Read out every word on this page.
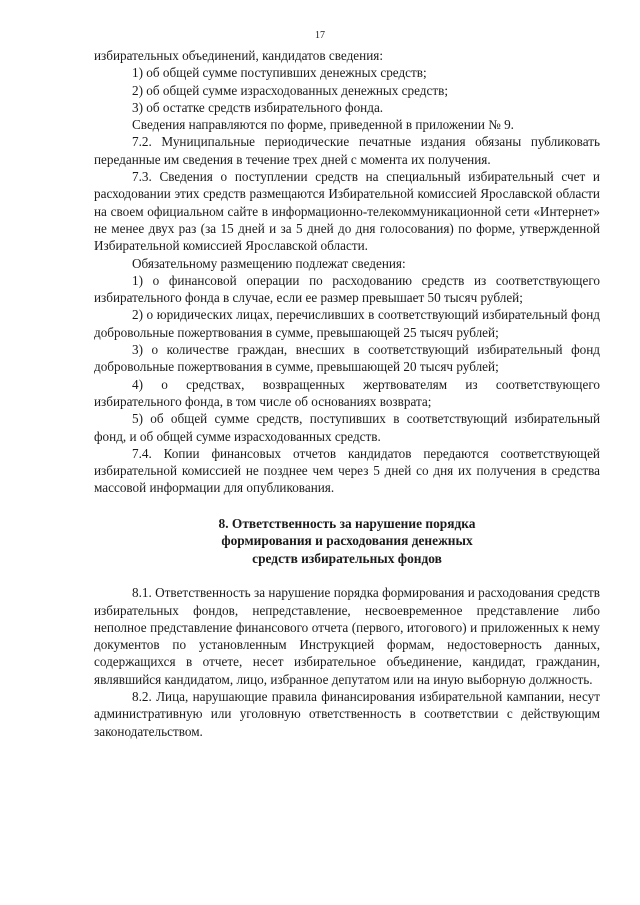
17

избирательных объединений, кандидатов сведения:

1) об общей сумме поступивших денежных средств;

2) об общей сумме израсходованных денежных средств;

3) об остатке средств избирательного фонда.

Сведения направляются по форме, приведенной в приложении № 9.

7.2. Муниципальные периодические печатные издания обязаны публиковать переданные им сведения в течение трех дней с момента их получения.

7.3. Сведения о поступлении средств на специальный избирательный счет и расходовании этих средств размещаются Избирательной комиссией Ярославской области на своем официальном сайте в информационно-телекоммуникационной сети «Интернет» не менее двух раз (за 15 дней и за 5 дней до дня голосования) по форме, утвержденной Избирательной комиссией Ярославской области.

Обязательному размещению подлежат сведения:

1) о финансовой операции по расходованию средств из соответствующего избирательного фонда в случае, если ее размер превышает 50 тысяч рублей;

2) о юридических лицах, перечисливших в соответствующий избирательный фонд добровольные пожертвования в сумме, превышающей 25 тысяч рублей;

3) о количестве граждан, внесших в соответствующий избирательный фонд добровольные пожертвования в сумме, превышающей 20 тысяч рублей;

4) о средствах, возвращенных жертвователям из соответствующего избирательного фонда, в том числе об основаниях возврата;

5) об общей сумме средств, поступивших в соответствующий избирательный фонд, и об общей сумме израсходованных средств.

7.4. Копии финансовых отчетов кандидатов передаются соответствующей избирательной комиссией не позднее чем через 5 дней со дня их получения в средства массовой информации для опубликования.

8. Ответственность за нарушение порядка
формирования и расходования денежных
средств избирательных фондов

8.1. Ответственность за нарушение порядка формирования и расходования средств избирательных фондов, непредставление, несвоевременное представление либо неполное представление финансового отчета (первого, итогового) и приложенных к нему документов по установленным Инструкцией формам, недостоверность данных, содержащихся в отчете, несет избирательное объединение, кандидат, гражданин, являвшийся кандидатом, лицо, избранное депутатом или на иную выборную должность.

8.2. Лица, нарушающие правила финансирования избирательной кампании, несут административную или уголовную ответственность в соответствии с действующим законодательством.
